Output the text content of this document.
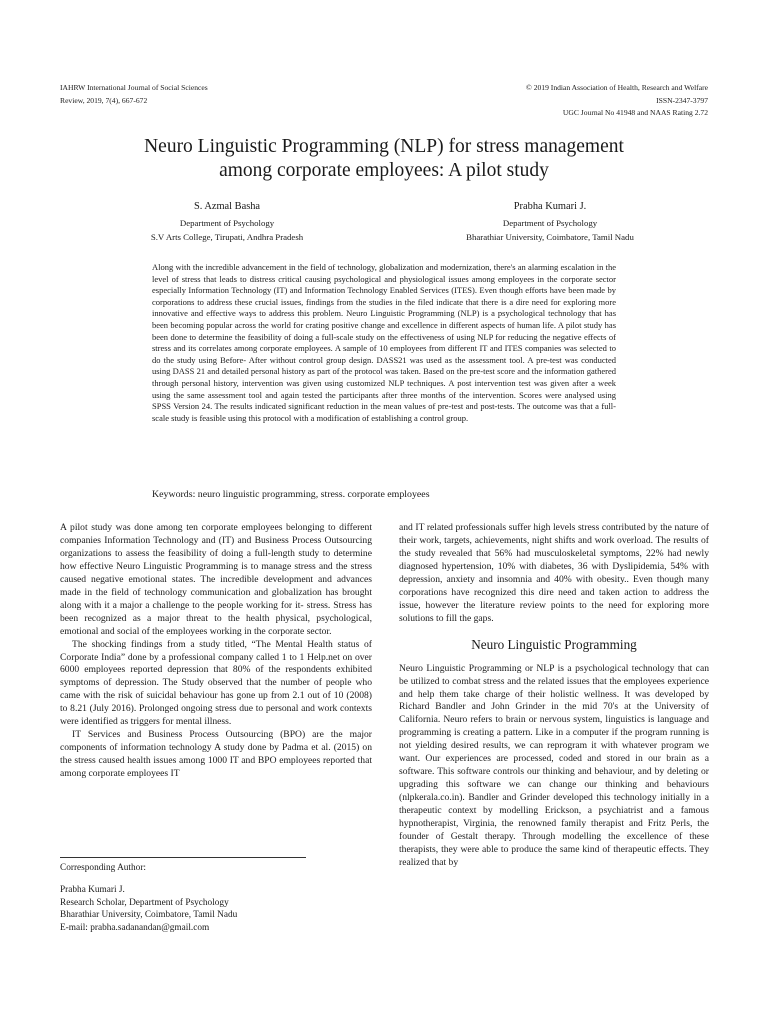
IAHRW International Journal of Social Sciences
Review, 2019, 7(4), 667-672
© 2019 Indian Association of Health, Research and Welfare
ISSN-2347-3797
UGC Journal No 41948 and NAAS Rating 2.72
Neuro Linguistic Programming (NLP) for stress management
among corporate employees: A pilot study
S. Azmal Basha
Department of Psychology
S.V Arts College, Tirupati, Andhra Pradesh
Prabha Kumari J.
Department of Psychology
Bharathiar University, Coimbatore, Tamil Nadu
Along with the incredible advancement in the field of technology, globalization and modernization, there's an alarming escalation in the level of stress that leads to distress critical causing psychological and physiological issues among employees in the corporate sector especially Information Technology (IT) and Information Technology Enabled Services (ITES). Even though efforts have been made by corporations to address these crucial issues, findings from the studies in the filed indicate that there is a dire need for exploring more innovative and effective ways to address this problem. Neuro Linguistic Programming (NLP) is a psychological technology that has been becoming popular across the world for crating positive change and excellence in different aspects of human life. A pilot study has been done to determine the feasibility of doing a full-scale study on the effectiveness of using NLP for reducing the negative effects of stress and its correlates among corporate employees. A sample of 10 employees from different IT and ITES companies was selected to do the study using Before- After without control group design. DASS21 was used as the assessment tool. A pre-test was conducted using DASS 21 and detailed personal history as part of the protocol was taken. Based on the pre-test score and the information gathered through personal history, intervention was given using customized NLP techniques. A post intervention test was given after a week using the same assessment tool and again tested the participants after three months of the intervention. Scores were analysed using SPSS Version 24. The results indicated significant reduction in the mean values of pre-test and post-tests. The outcome was that a full-scale study is feasible using this protocol with a modification of establishing a control group.
Keywords: neuro linguistic programming, stress. corporate employees

A pilot study was done among ten corporate employees belonging to different companies Information Technology and (IT) and Business Process Outsourcing organizations to assess the feasibility of doing a full-length study to determine how effective Neuro Linguistic Programming is to manage stress and the stress caused negative emotional states. The incredible development and advances made in the field of technology communication and globalization has brought along with it a major a challenge to the people working for it- stress. Stress has been recognized as a major threat to the health physical, psychological, emotional and social of the employees working in the corporate sector.

The shocking findings from a study titled, “The Mental Health status of Corporate India” done by a professional company called 1 to 1 Help.net on over 6000 employees reported depression that 80% of the respondents exhibited symptoms of depression. The Study observed that the number of people who came with the risk of suicidal behaviour has gone up from 2.1 out of 10 (2008) to 8.21 (July 2016). Prolonged ongoing stress due to personal and work contexts were identified as triggers for mental illness.

IT Services and Business Process Outsourcing (BPO) are the major components of information technology A study done by Padma et al. (2015) on the stress caused health issues among 1000 IT and BPO employees reported that among corporate employees IT

and IT related professionals suffer high levels stress contributed by the nature of their work, targets, achievements, night shifts and work overload. The results of the study revealed that 56% had musculoskeletal symptoms, 22% had newly diagnosed hypertension, 10% with diabetes, 36 with Dyslipidemia, 54% with depression, anxiety and insomnia and 40% with obesity.. Even though many corporations have recognized this dire need and taken action to address the issue, however the literature review points to the need for exploring more solutions to fill the gaps.

Neuro Linguistic Programming

Neuro Linguistic Programming or NLP is a psychological technology that can be utilized to combat stress and the related issues that the employees experience and help them take charge of their holistic wellness. It was developed by Richard Bandler and John Grinder in the mid 70's at the University of California. Neuro refers to brain or nervous system, linguistics is language and programming is creating a pattern. Like in a computer if the program running is not yielding desired results, we can reprogram it with whatever program we want. Our experiences are processed, coded and stored in our brain as a software. This software controls our thinking and behaviour, and by deleting or upgrading this software we can change our thinking and behaviours (nlpkerala.co.in). Bandler and Grinder developed this technology initially in a therapeutic context by modelling Erickson, a psychiatrist and a famous hypnotherapist, Virginia, the renowned family therapist and Fritz Perls, the founder of Gestalt therapy. Through modelling the excellence of these therapists, they were able to produce the same kind of therapeutic effects. They realized that by

Corresponding Author:
Prabha Kumari J.
Research Scholar, Department of Psychology
Bharathiar University, Coimbatore, Tamil Nadu
E-mail: prabha.sadanandan@gmail.com
